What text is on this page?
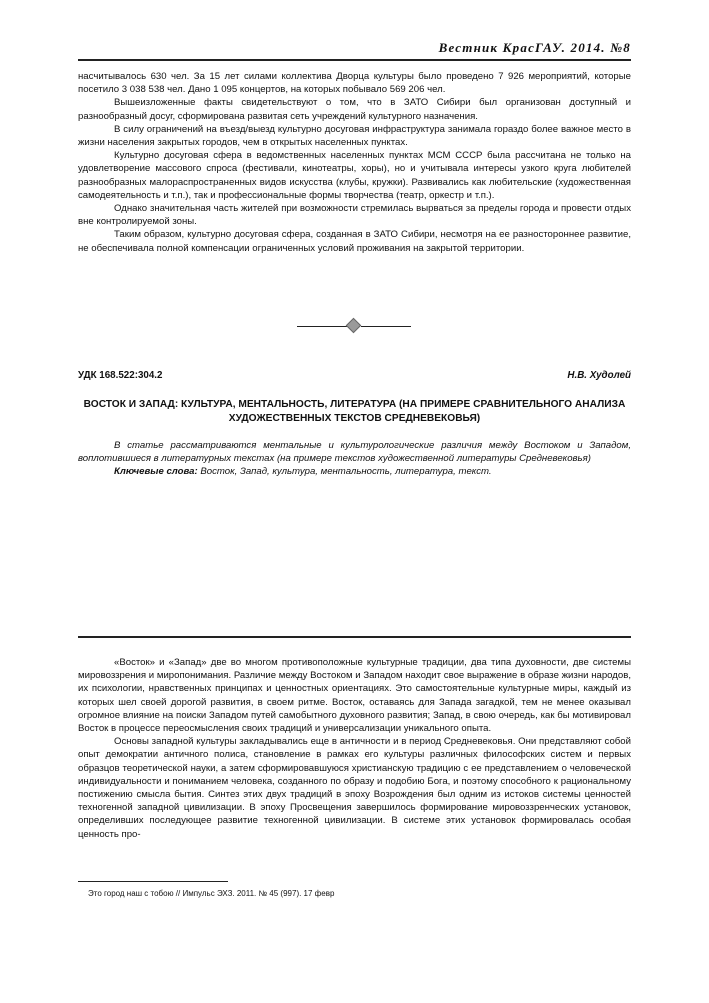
Вестник КрасГАУ. 2014. №8

насчитывалось 630 чел. За 15 лет силами коллектива Дворца культуры было проведено 7 926 мероприятий, которые посетило 3 038 538 чел. Дано 1 095 концертов, на которых побывало 569 206 чел.

Вышеизложенные факты свидетельствуют о том, что в ЗАТО Сибири был организован доступный и разнообразный досуг, сформирована развитая сеть учреждений культурного назначения.

В силу ограничений на въезд/выезд культурно досуговая инфраструктура занимала гораздо более важное место в жизни населения закрытых городов, чем в открытых населенных пунктах.

Культурно досуговая сфера в ведомственных населенных пунктах МСМ СССР была рассчитана не только на удовлетворение массового спроса (фестивали, кинотеатры, хоры), но и учитывала интересы узкого круга любителей разнообразных малораспространенных видов искусства (клубы, кружки). Развивались как любительские (художественная самодеятельность и т.п.), так и профессиональные формы творчества (театр, оркестр и т.п.).

Однако значительная часть жителей при возможности стремилась вырваться за пределы города и провести отдых вне контролируемой зоны.

Таким образом, культурно досуговая сфера, созданная в ЗАТО Сибири, несмотря на ее разностороннее развитие, не обеспечивала полной компенсации ограниченных условий проживания на закрытой территории.

УДК 168.522:304.2	Н.В. Худолей
ВОСТОК И ЗАПАД: КУЛЬТУРА, МЕНТАЛЬНОСТЬ, ЛИТЕРАТУРА (НА ПРИМЕРЕ СРАВНИТЕЛЬНОГО АНАЛИЗА ХУДОЖЕСТВЕННЫХ ТЕКСТОВ СРЕДНЕВЕКОВЬЯ)

В статье рассматриваются ментальные и культурологические различия между Востоком и Западом, воплотившиеся в литературных текстах (на примере текстов художественной литературы Средневековья)

Ключевые слова: Восток, Запад, культура, ментальность, литература, текст.

«Восток» и «Запад» две во многом противоположные культурные традиции, два типа духовности, две системы мировоззрения и миропонимания. Различие между Востоком и Западом находит свое выражение в образе жизни народов, их психологии, нравственных принципах и ценностных ориентациях. Это самостоятельные культурные миры, каждый из которых шел своей дорогой развития, в своем ритме. Восток, оставаясь для Запада загадкой, тем не менее оказывал огромное влияние на поиски Западом путей самобытного духовного развития; Запад, в свою очередь, как бы мотивировал Восток в процессе переосмысления своих традиций и универсализации уникального опыта.

Основы западной культуры закладывались еще в античности и в период Средневековья. Они представляют собой опыт демократии античного полиса, становление в рамках его культуры различных философских систем и первых образцов теоретической науки, а затем сформировавшуюся христианскую традицию с ее представлением о человеческой индивидуальности и пониманием человека, созданного по образу и подобию Бога, и поэтому способного к рациональному постижению смысла бытия. Синтез этих двух традиций в эпоху Возрождения был одним из истоков системы ценностей техногенной западной цивилизации. В эпоху Просвещения завершилось формирование мировоззренческих установок, определивших последующее развитие техногенной цивилизации. В системе этих установок формировалась особая ценность про-

Это город наш с тобою // Импульс ЭХЗ. 2011. № 45 (997). 17 февр
